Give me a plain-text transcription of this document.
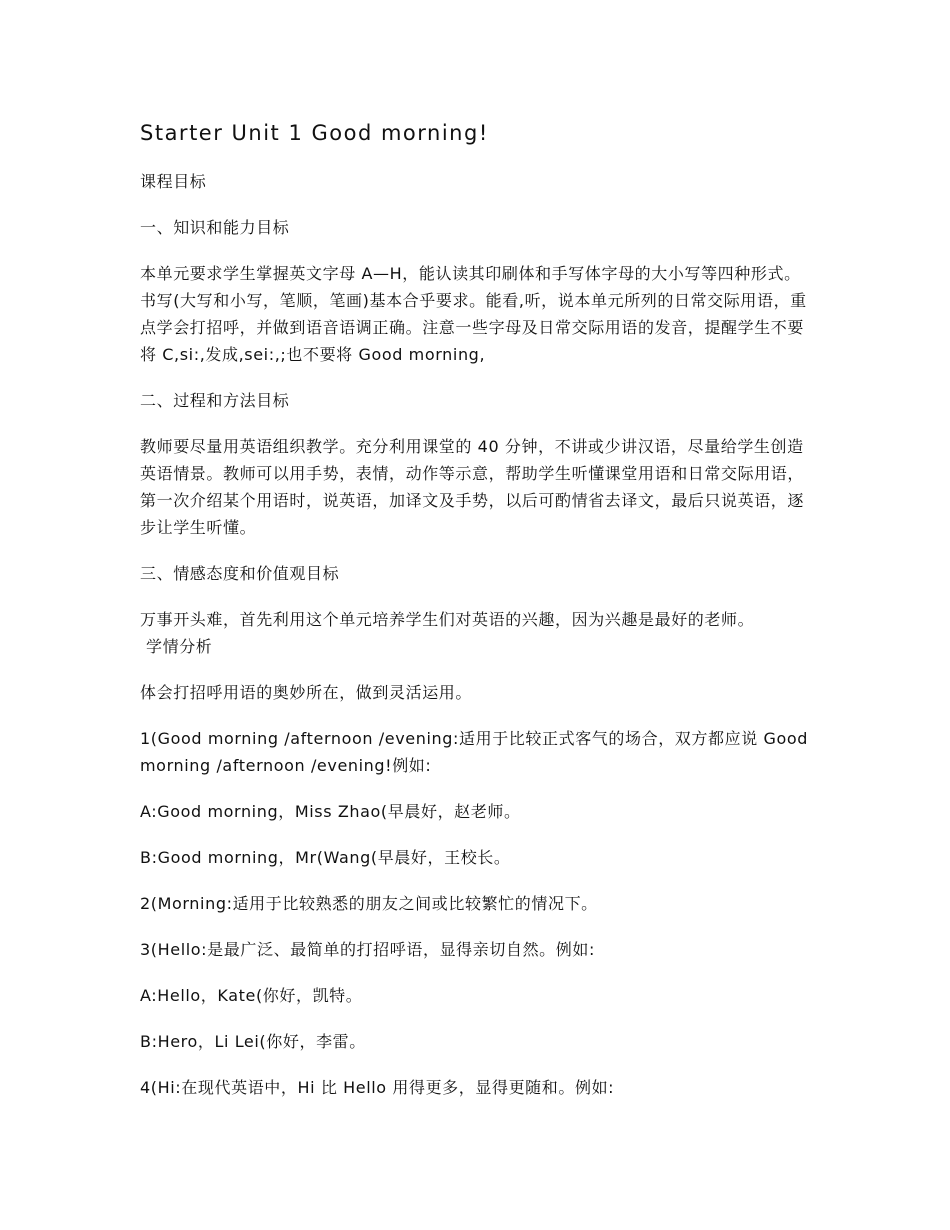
Starter Unit 1 Good morning!
课程目标
一、知识和能力目标
本单元要求学生掌握英文字母 A—H，能认读其印刷体和手写体字母的大小写等四种形式。书写(大写和小写，笔顺，笔画)基本合乎要求。能看,听，说本单元所列的日常交际用语，重点学会打招呼，并做到语音语调正确。注意一些字母及日常交际用语的发音，提醒学生不要将 C,si:,发成,sei:,;也不要将 Good morning,
二、过程和方法目标
教师要尽量用英语组织教学。充分利用课堂的 40 分钟，不讲或少讲汉语，尽量给学生创造英语情景。教师可以用手势，表情，动作等示意，帮助学生听懂课堂用语和日常交际用语，第一次介绍某个用语时，说英语，加译文及手势，以后可酌情省去译文，最后只说英语，逐步让学生听懂。
三、情感态度和价值观目标
万事开头难，首先利用这个单元培养学生们对英语的兴趣，因为兴趣是最好的老师。
学情分析
体会打招呼用语的奥妙所在，做到灵活运用。
1(Good morning /afternoon /evening:适用于比较正式客气的场合，双方都应说 Good morning /afternoon /evening!例如:
A:Good morning，Miss Zhao(早晨好，赵老师。
B:Good morning，Mr(Wang(早晨好，王校长。
2(Morning:适用于比较熟悉的朋友之间或比较繁忙的情况下。
3(Hello:是最广泛、最简单的打招呼语，显得亲切自然。例如:
A:Hello，Kate(你好，凯特。
B:Hero，Li Lei(你好，李雷。
4(Hi:在现代英语中，Hi 比 Hello 用得更多，显得更随和。例如:
